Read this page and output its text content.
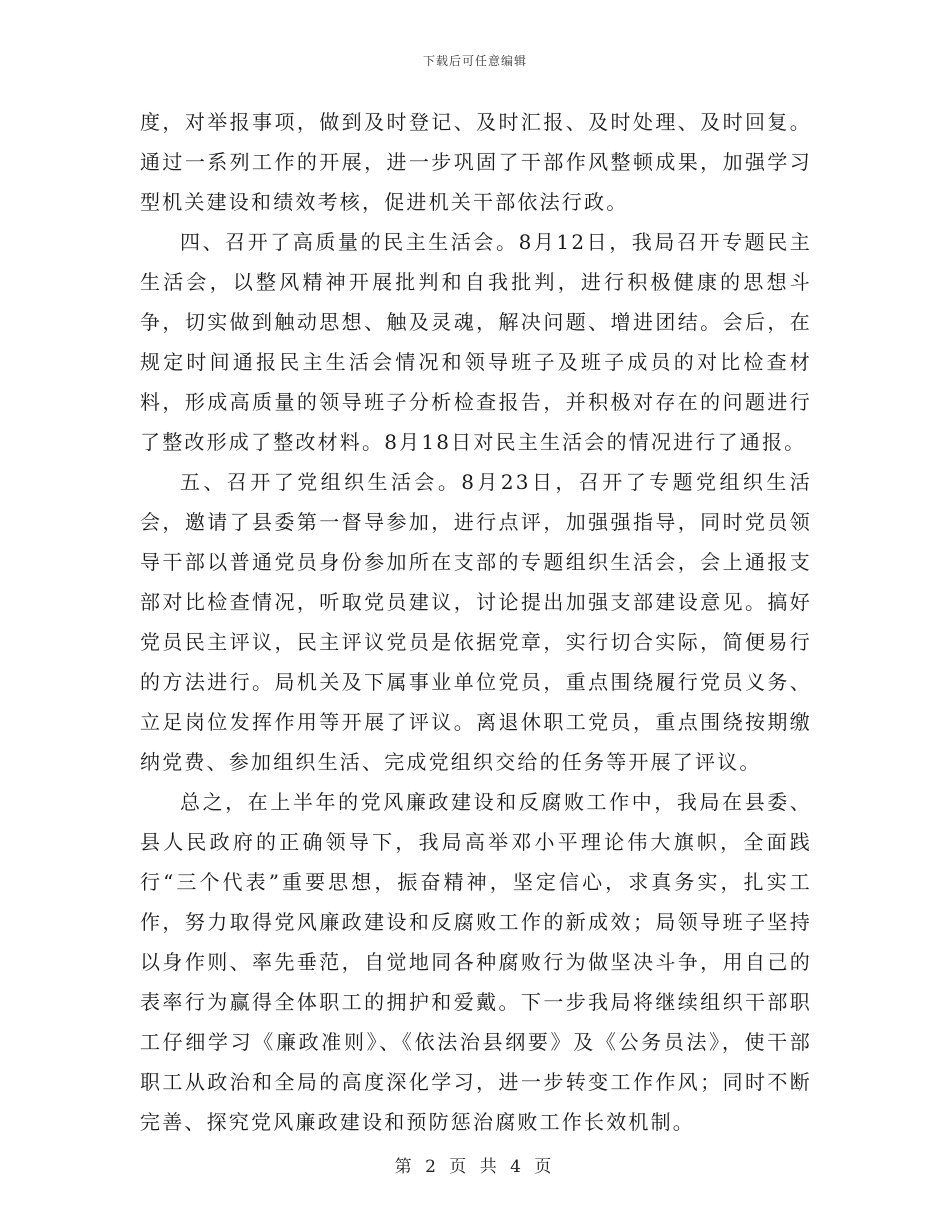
下载后可任意编辑

度，对举报事项，做到及时登记、及时汇报、及时处理、及时回复。通过一系列工作的开展，进一步巩固了干部作风整顿成果，加强学习型机关建设和绩效考核，促进机关干部依法行政。

四、召开了高质量的民主生活会。8月12日，我局召开专题民主生活会，以整风精神开展批判和自我批判，进行积极健康的思想斗争，切实做到触动思想、触及灵魂，解决问题、增进团结。会后，在规定时间通报民主生活会情况和领导班子及班子成员的对比检查材料，形成高质量的领导班子分析检查报告，并积极对存在的问题进行了整改形成了整改材料。8月18日对民主生活会的情况进行了通报。

五、召开了党组织生活会。8月23日，召开了专题党组织生活会，邀请了县委第一督导参加，进行点评，加强强指导，同时党员领导干部以普通党员身份参加所在支部的专题组织生活会，会上通报支部对比检查情况，听取党员建议，讨论提出加强支部建设意见。搞好党员民主评议，民主评议党员是依据党章，实行切合实际，简便易行的方法进行。局机关及下属事业单位党员，重点围绕履行党员义务、立足岗位发挥作用等开展了评议。离退休职工党员，重点围绕按期缴纳党费、参加组织生活、完成党组织交给的任务等开展了评议。

总之，在上半年的党风廉政建设和反腐败工作中，我局在县委、县人民政府的正确领导下，我局高举邓小平理论伟大旗帜，全面践行“三个代表”重要思想，振奋精神，坚定信心，求真务实，扎实工作，努力取得党风廉政建设和反腐败工作的新成效；局领导班子坚持以身作则、率先垂范，自觉地同各种腐败行为做坚决斗争，用自己的表率行为赢得全体职工的拥护和爱戴。下一步我局将继续组织干部职工仔细学习《廉政准则》、《依法治县纲要》及《公务员法》，使干部职工从政治和全局的高度深化学习，进一步转变工作作风；同时不断完善、探究党风廉政建设和预防惩治腐败工作长效机制。

第 2 页 共 4 页
